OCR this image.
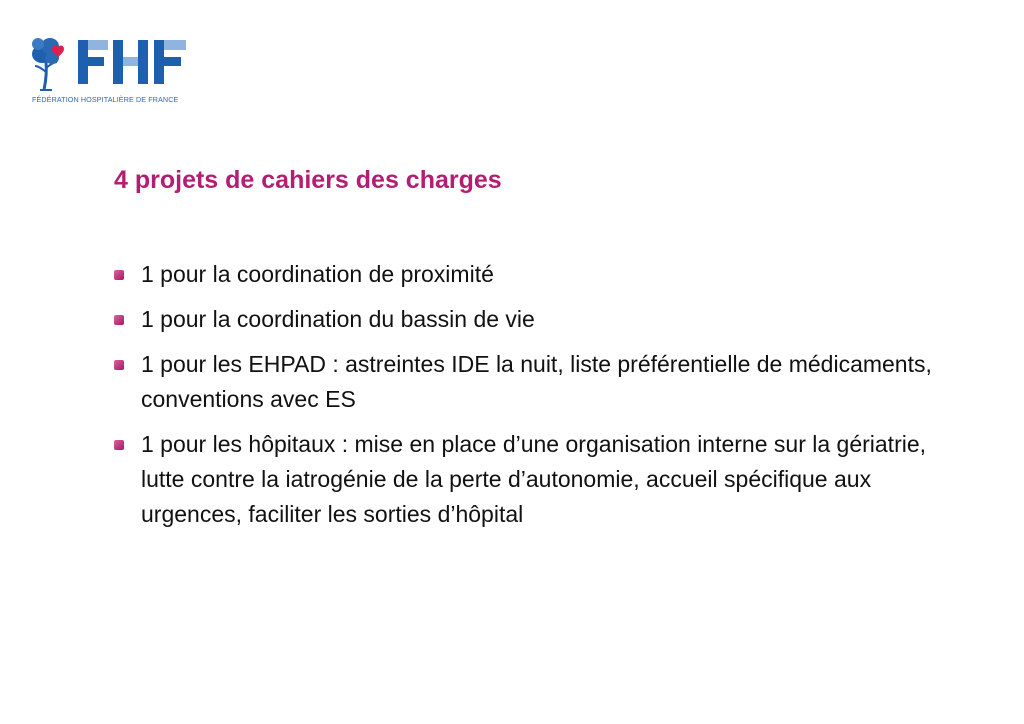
FÉDÉRATION HOSPITALIÈRE DE FRANCE
4 projets de cahiers des charges
1 pour la coordination de proximité
1 pour la coordination du bassin de vie
1 pour les EHPAD : astreintes IDE la nuit, liste préférentielle de médicaments, conventions avec ES
1 pour les hôpitaux : mise en place d’une organisation interne sur la gériatrie, lutte contre la iatrogénie de la perte d’autonomie, accueil spécifique aux urgences, faciliter les sorties d’hôpital
